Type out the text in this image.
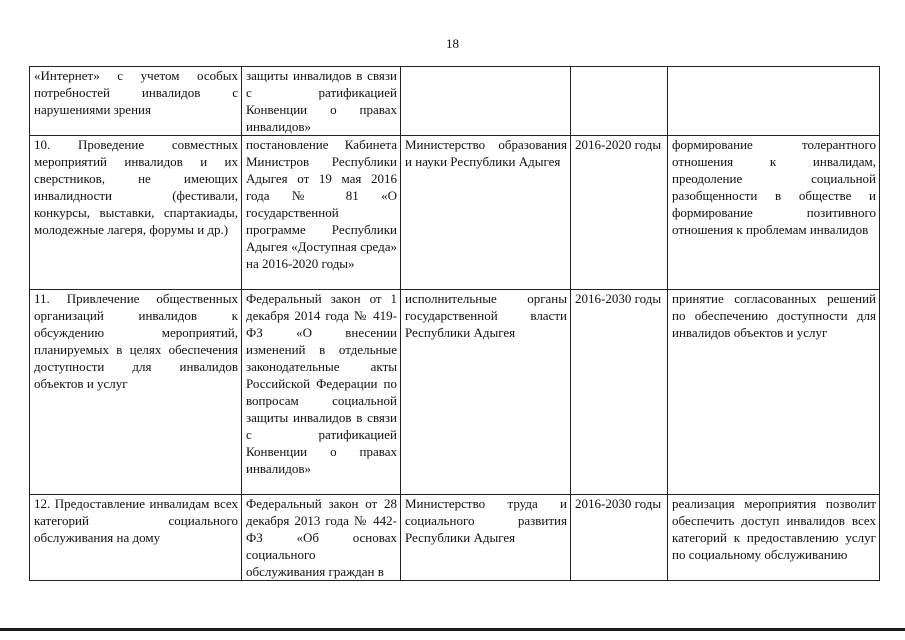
18
«Интернет» с учетом особых потребностей инвалидов с нарушениями зрения	защиты инвалидов в связи с ратификацией Конвенции о правах инвалидов»			
10. Проведение совместных мероприятий инвалидов и их сверстников, не имеющих инвалидности (фестивали, конкурсы, выставки, спартакиады, молодежные лагеря, форумы и др.)	постановление Кабинета Министров Республики Адыгея от 19 мая 2016 года № 81 «О государственной программе Республики Адыгея «Доступная среда» на 2016-2020 годы»	Министерство образования и науки Республики Адыгея	2016-2020 годы	формирование толерантного отношения к инвалидам, преодоление социальной разобщенности в обществе и формирование позитивного отношения к проблемам инвалидов
11. Привлечение общественных организаций инвалидов к обсуждению мероприятий, планируемых в целях обеспечения доступности для инвалидов объектов и услуг	Федеральный закон от 1 декабря 2014 года № 419-ФЗ «О внесении изменений в отдельные законодательные акты Российской Федерации по вопросам социальной защиты инвалидов в связи с ратификацией Конвенции о правах инвалидов»	исполнительные органы государственной власти Республики Адыгея	2016-2030 годы	принятие согласованных решений по обеспечению доступности для инвалидов объектов и услуг
12. Предоставление инвалидам всех категорий социального обслуживания на дому	Федеральный закон от 28 декабря 2013 года № 442-ФЗ «Об основах социального обслуживания граждан в	Министерство труда и социального развития Республики Адыгея	2016-2030 годы	реализация мероприятия позволит обеспечить доступ инвалидов всех категорий к предоставлению услуг по социальному обслуживанию
